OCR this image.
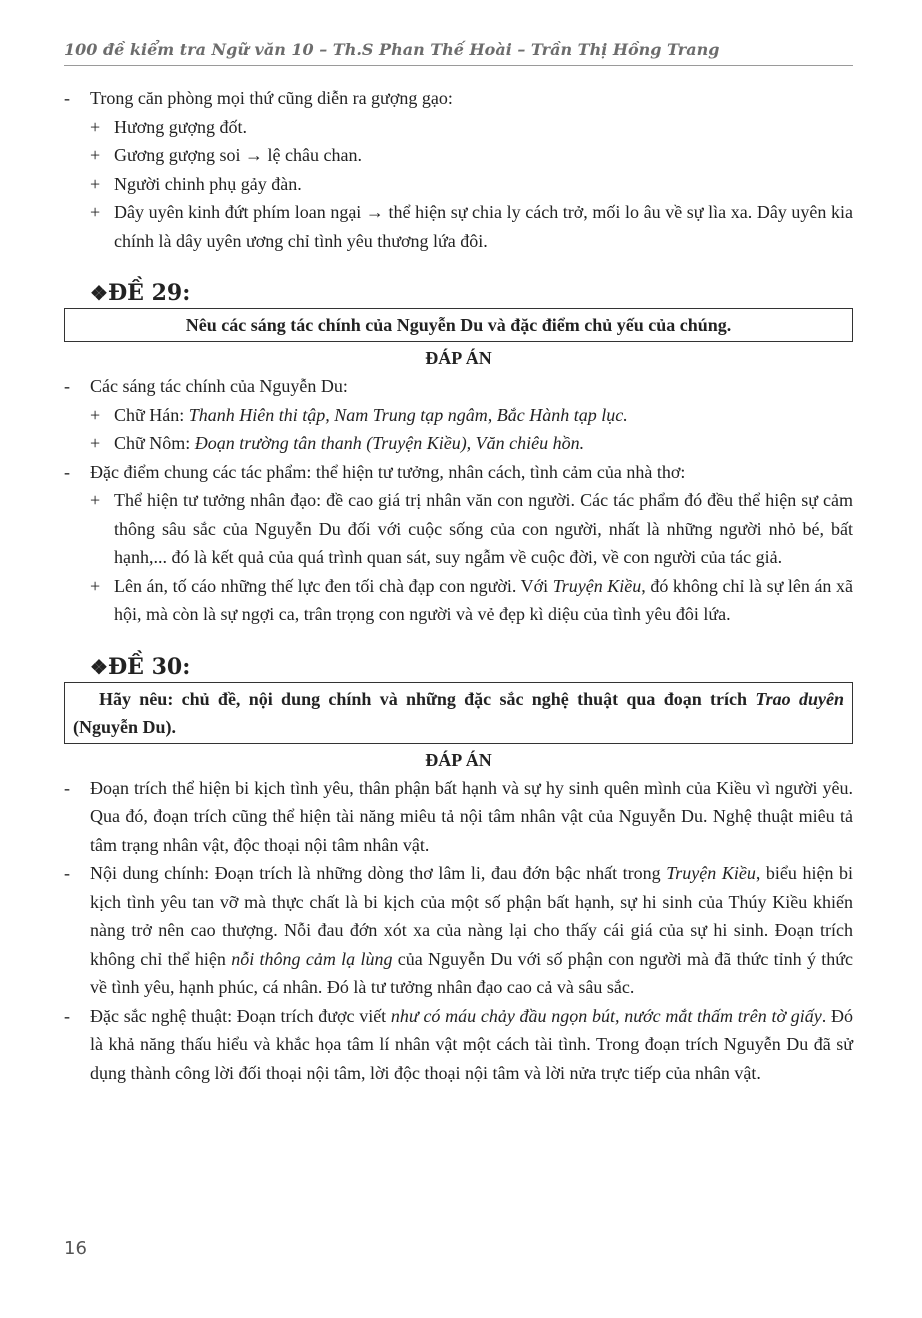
100 đề kiểm tra Ngữ văn 10 – Th.S Phan Thế Hoài – Trần Thị Hồng Trang
- Trong căn phòng mọi thứ cũng diễn ra gượng gạo:
+ Hương gượng đốt.
+ Gương gượng soi → lệ châu chan.
+ Người chinh phụ gảy đàn.
+ Dây uyên kinh đứt phím loan ngại → thể hiện sự chia ly cách trở, mối lo âu về sự lìa xa. Dây uyên kia chính là dây uyên ương chỉ tình yêu thương lứa đôi.
❖ĐỀ 29:
Nêu các sáng tác chính của Nguyễn Du và đặc điểm chủ yếu của chúng.
ĐÁP ÁN
- Các sáng tác chính của Nguyễn Du:
+ Chữ Hán: Thanh Hiên thi tập, Nam Trung tạp ngâm, Bắc Hành tạp lục.
+ Chữ Nôm: Đoạn trường tân thanh (Truyện Kiều), Văn chiêu hồn.
- Đặc điểm chung các tác phẩm: thể hiện tư tưởng, nhân cách, tình cảm của nhà thơ:
+ Thể hiện tư tưởng nhân đạo: đề cao giá trị nhân văn con người. Các tác phẩm đó đều thể hiện sự cảm thông sâu sắc của Nguyễn Du đối với cuộc sống của con người, nhất là những người nhỏ bé, bất hạnh,... đó là kết quả của quá trình quan sát, suy ngẫm về cuộc đời, về con người của tác giả.
+ Lên án, tố cáo những thế lực đen tối chà đạp con người. Với Truyện Kiều, đó không chỉ là sự lên án xã hội, mà còn là sự ngợi ca, trân trọng con người và vẻ đẹp kì diệu của tình yêu đôi lứa.
❖ĐỀ 30:
Hãy nêu: chủ đề, nội dung chính và những đặc sắc nghệ thuật qua đoạn trích Trao duyên (Nguyễn Du).
ĐÁP ÁN
- Đoạn trích thể hiện bi kịch tình yêu, thân phận bất hạnh và sự hy sinh quên mình của Kiều vì người yêu. Qua đó, đoạn trích cũng thể hiện tài năng miêu tả nội tâm nhân vật của Nguyễn Du. Nghệ thuật miêu tả tâm trạng nhân vật, độc thoại nội tâm nhân vật.
- Nội dung chính: Đoạn trích là những dòng thơ lâm li, đau đớn bậc nhất trong Truyện Kiều, biểu hiện bi kịch tình yêu tan vỡ mà thực chất là bi kịch của một số phận bất hạnh, sự hi sinh của Thúy Kiều khiến nàng trở nên cao thượng. Nỗi đau đớn xót xa của nàng lại cho thấy cái giá của sự hi sinh. Đoạn trích không chỉ thể hiện nỗi thông cảm lạ lùng của Nguyễn Du với số phận con người mà đã thức tỉnh ý thức về tình yêu, hạnh phúc, cá nhân. Đó là tư tưởng nhân đạo cao cả và sâu sắc.
- Đặc sắc nghệ thuật: Đoạn trích được viết như có máu chảy đầu ngọn bút, nước mắt thấm trên tờ giấy. Đó là khả năng thấu hiểu và khắc họa tâm lí nhân vật một cách tài tình. Trong đoạn trích Nguyễn Du đã sử dụng thành công lời đối thoại nội tâm, lời độc thoại nội tâm và lời nửa trực tiếp của nhân vật.
16
